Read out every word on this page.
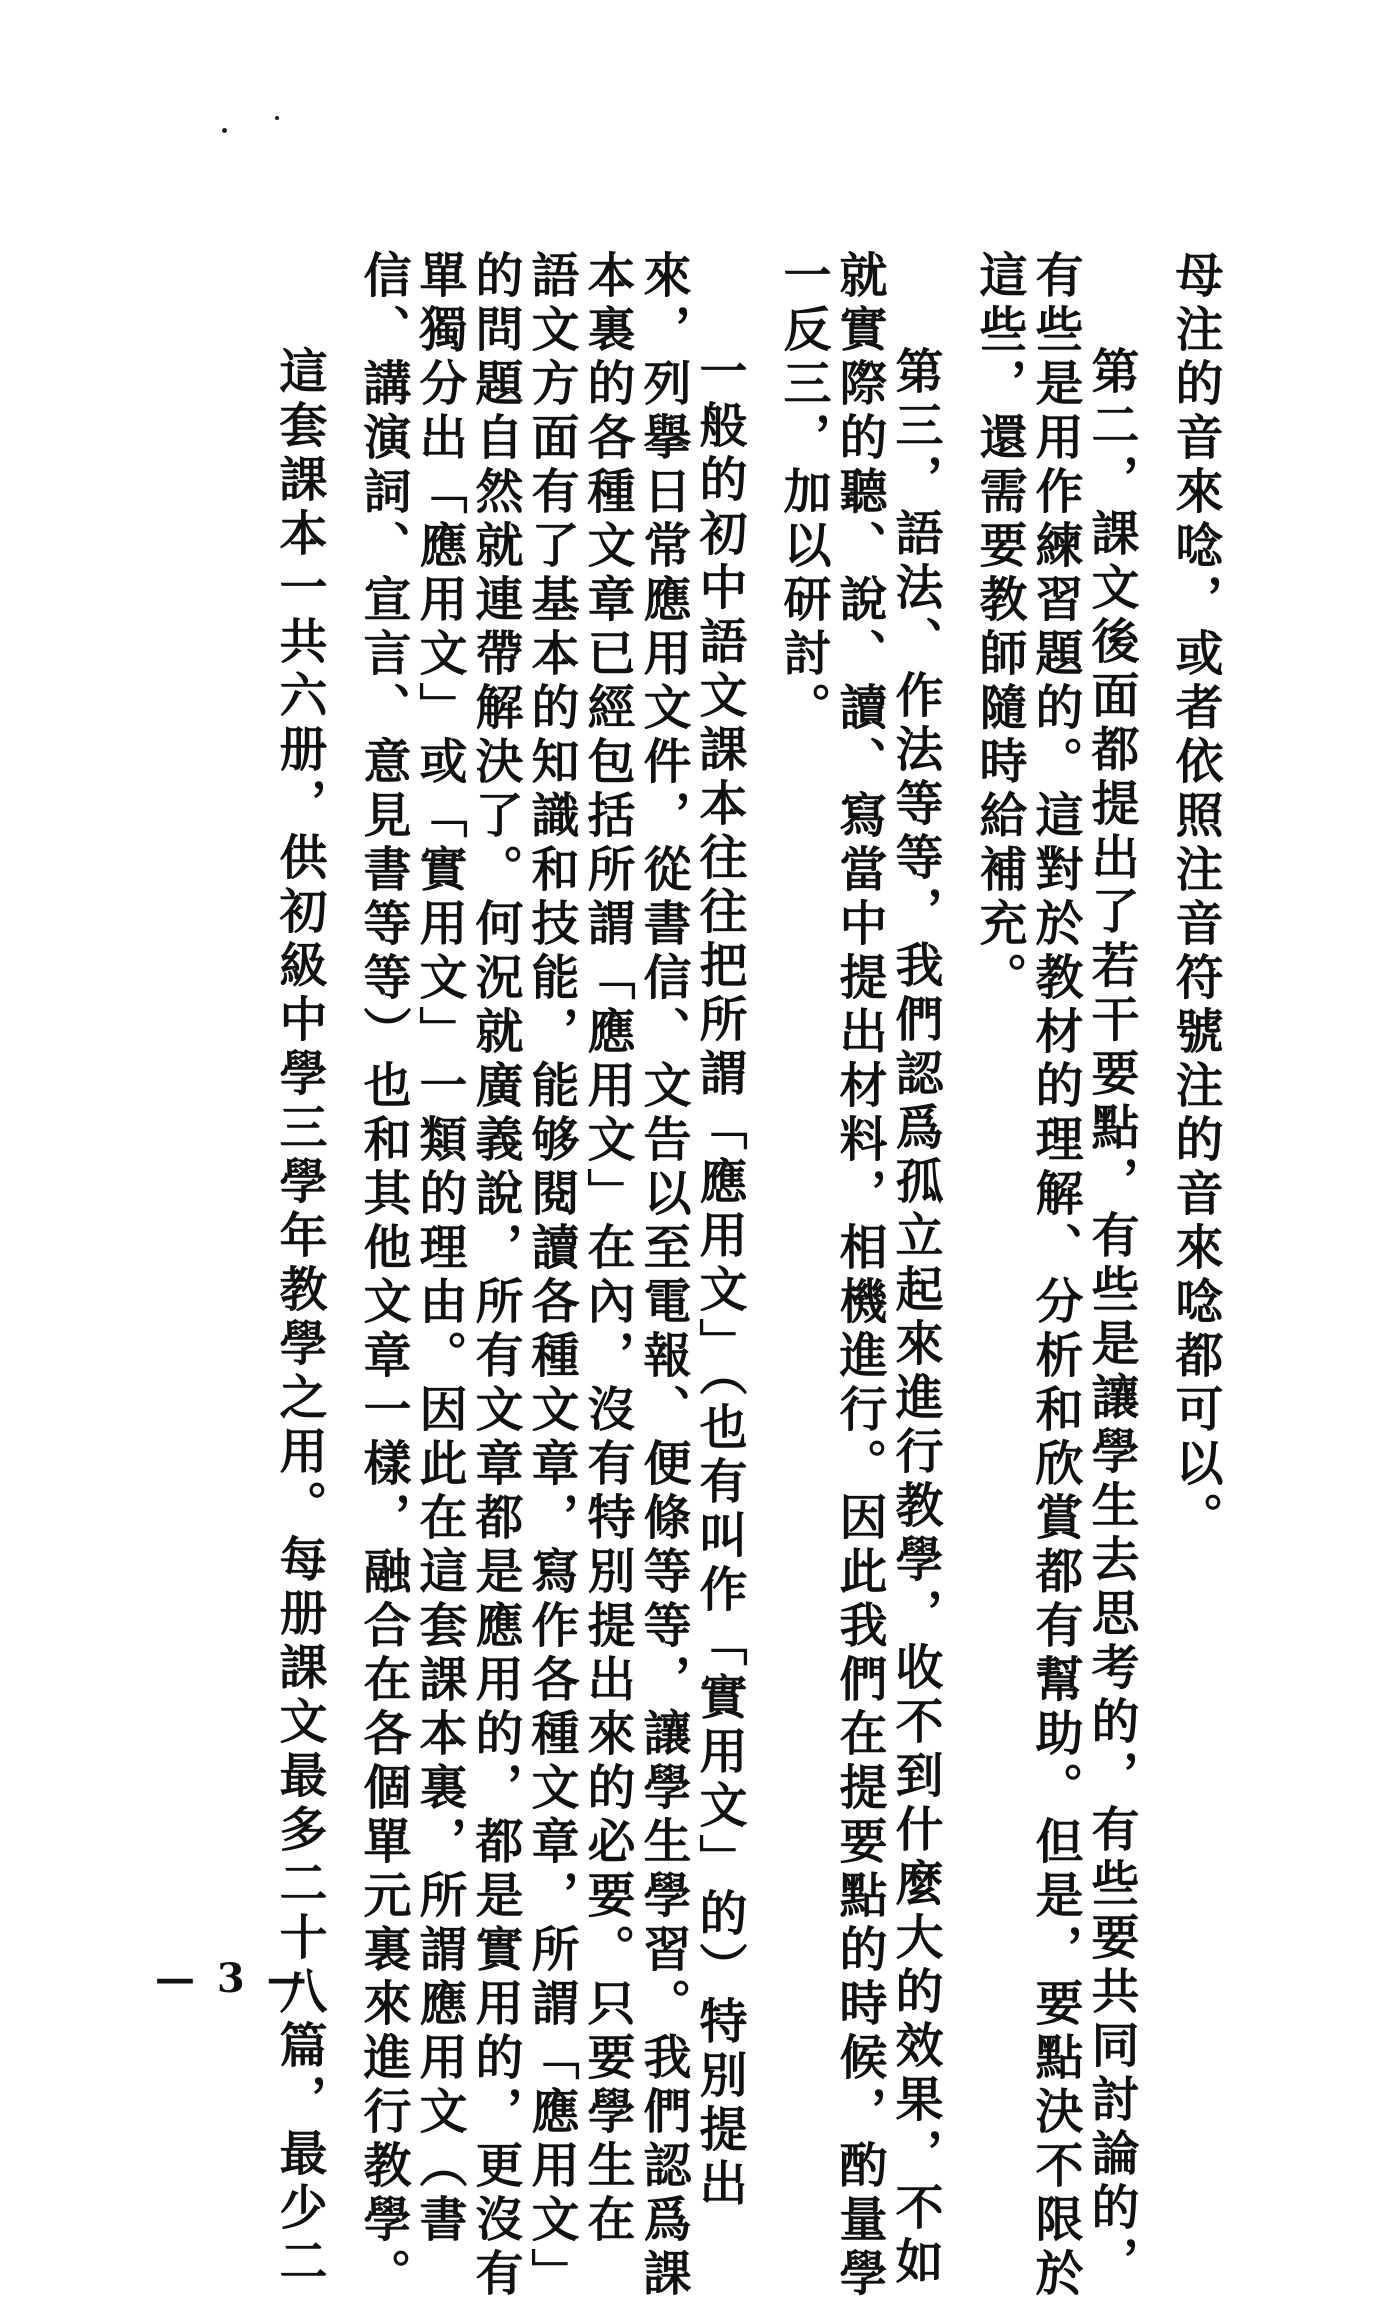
母注的音來唸，或者依照注音符號注的音來唸都可以。

第二，課文後面都提出了若干要點，有些是讓學生去思考的，有些要共同討論的，

有些是用作練習題的。這對於教材的理解、分析和欣賞都有幫助。但是，要點決不限於

這些，還需要教師隨時給補充。

第三，語法、作法等等，我們認爲孤立起來進行教學，收不到什麼大的效果，不如

就實際的聽、說、讀、寫當中提出材料，相機進行。因此我們在提要點的時候，酌量學

一反三，加以研討。

一般的初中語文課本往往把所謂「應用文」（也有叫作「實用文」的）特別提出

來，列擧日常應用文件，從書信、文告以至電報、便條等等，讓學生學習。我們認爲課

本裏的各種文章已經包括所謂「應用文」在內，沒有特別提出來的必要。只要學生在

語文方面有了基本的知識和技能，能够閱讀各種文章，寫作各種文章，所謂「應用文」

的問題自然就連帶解決了。何況就廣義說，所有文章都是應用的，都是實用的，更沒有

單獨分出「應用文」或「實用文」一類的理由。因此在這套課本裏，所謂應用文（書

信、講演詞、宣言、意見書等等）也和其他文章一樣，融合在各個單元裏來進行教學。

這套課本一共六册，供初級中學三學年教學之用。每册課文最多二十八篇，最少二

— 3 —
